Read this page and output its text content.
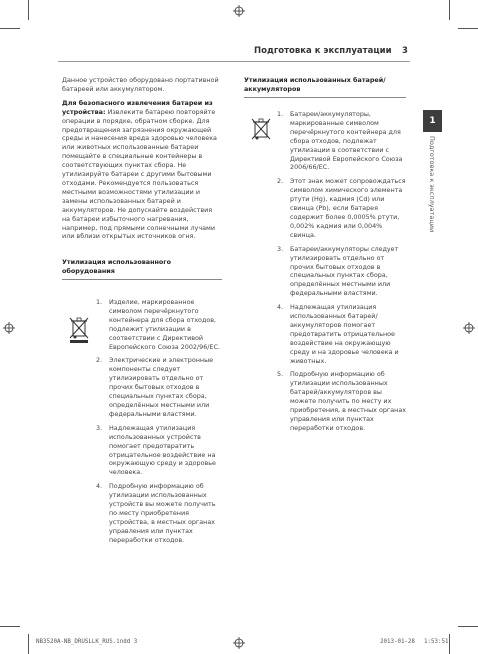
Подготовка к эксплуатации 3
1
Подготовка к эксплуатации

Данное устройство оборудовано портативной батареей или аккумулятором.

Для безопасного извлечения батареи из устройства: Извлеките батарею повторяйте операции в порядке, обратном сборке. Для предотвращения загрязнения окружающей среды и нанесения вреда здоровью человека или животных использованные батареи помещайте в специальные контейнеры в соответствующих пунктах сбора. Не утилизируйте батареи с другими бытовыми отходами. Рекомендуется пользоваться местными возможностями утилизации и замены использованных батарей и аккумуляторов. Не допускайте воздействия на батареи избыточного нагревания, например, под прямыми солнечными лучами или вблизи открытых источников огня.

Утилизация использованного оборудования
1. Изделие, маркированное символом перечёркнутого контейнера для сбора отходов, подлежит утилизации в соответствии с Директивой Европейского Союза 2002/96/EC.
2. Электрические и электронные компоненты следует утилизировать отдельно от прочих бытовых отходов в специальных пунктах сбора, определённых местными или федеральными властями.
3. Надлежащая утилизация использованных устройств помогает предотвратить отрицательное воздействие на окружающую среду и здоровье человека.
4. Подробную информацию об утилизации использованных устройств вы можете получить по месту приобретения устройства, в местных органах управления или пунктах переработки отходов.
Утилизация использованных батарей/аккумуляторов
1. Батареи/аккумуляторы, маркированные символом перечёркнутого контейнера для сбора отходов, подлежат утилизации в соответствии с Директивой Европейского Союза 2006/66/EC.
2. Этот знак может сопровождаться символом химического элемента ртути (Hg), кадмия (Cd) или свинца (Pb), если батарея содержит более 0,0005% ртути, 0,002% кадмия или 0,004% свинца.
3. Батареи/аккумуляторы следует утилизировать отдельно от прочих бытовых отходов в специальных пунктах сбора, определённых местными или федеральными властями.
4. Надлежащая утилизация использованных батарей/аккумуляторов помогает предотвратить отрицательное воздействие на окружающую среду и на здоровье человека и животных.
5. Подробную информацию об утилизации использованных батарей/аккумуляторов вы можете получить по месту их приобретения, в местных органах управления или пунктах переработки отходов.
NB3520A-NB_DRUSLLK_RUS.indd 3	2013-01-28 1:53:51
